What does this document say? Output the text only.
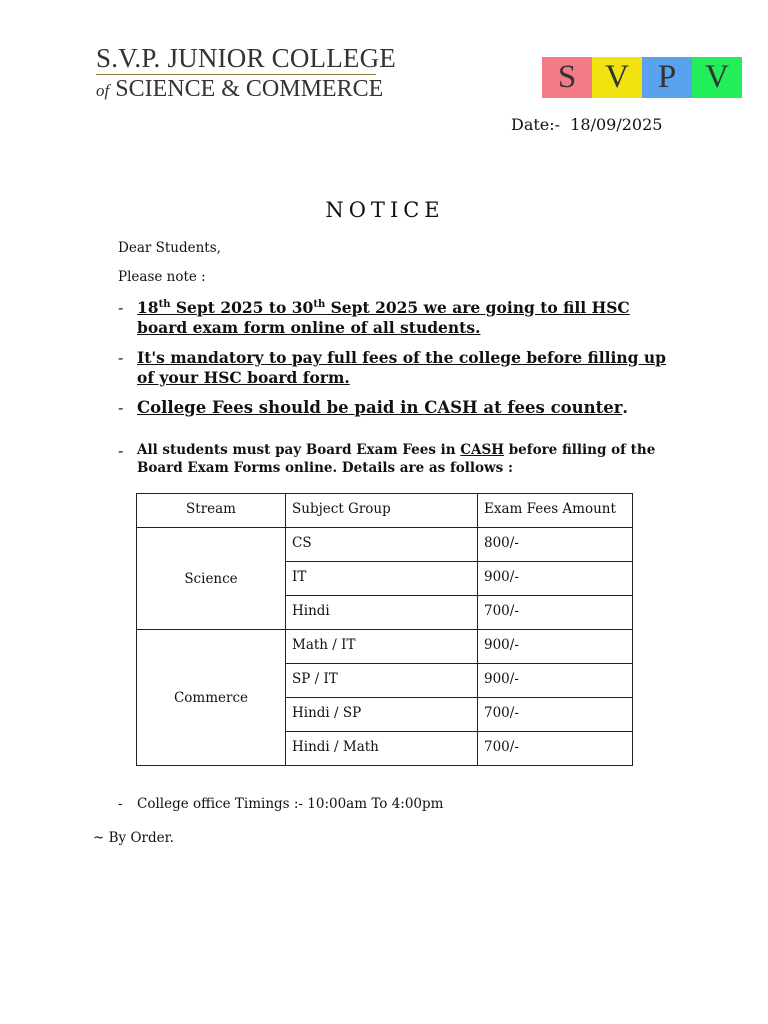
S.V.P. JUNIOR COLLEGE
of SCIENCE & COMMERCE	S V P V
Date:- 18/09/2025
NOTICE
Dear Students,
Please note :
- 18th Sept 2025 to 30th Sept 2025 we are going to fill HSC board exam form online of all students.
- It's mandatory to pay full fees of the college before filling up of your HSC board form.
- College Fees should be paid in CASH at fees counter.
-	All students must pay Board Exam Fees in CASH before filling of the Board Exam Forms online. Details are as follows :
Stream	Subject Group	Exam Fees Amount
Science	CS	800/-
	IT	900/-
	Hindi	700/-
Commerce	Math / IT	900/-
	SP / IT	900/-
	Hindi / SP	700/-
	Hindi / Math	700/-
-	College office Timings :- 10:00am To 4:00pm
~ By Order.
